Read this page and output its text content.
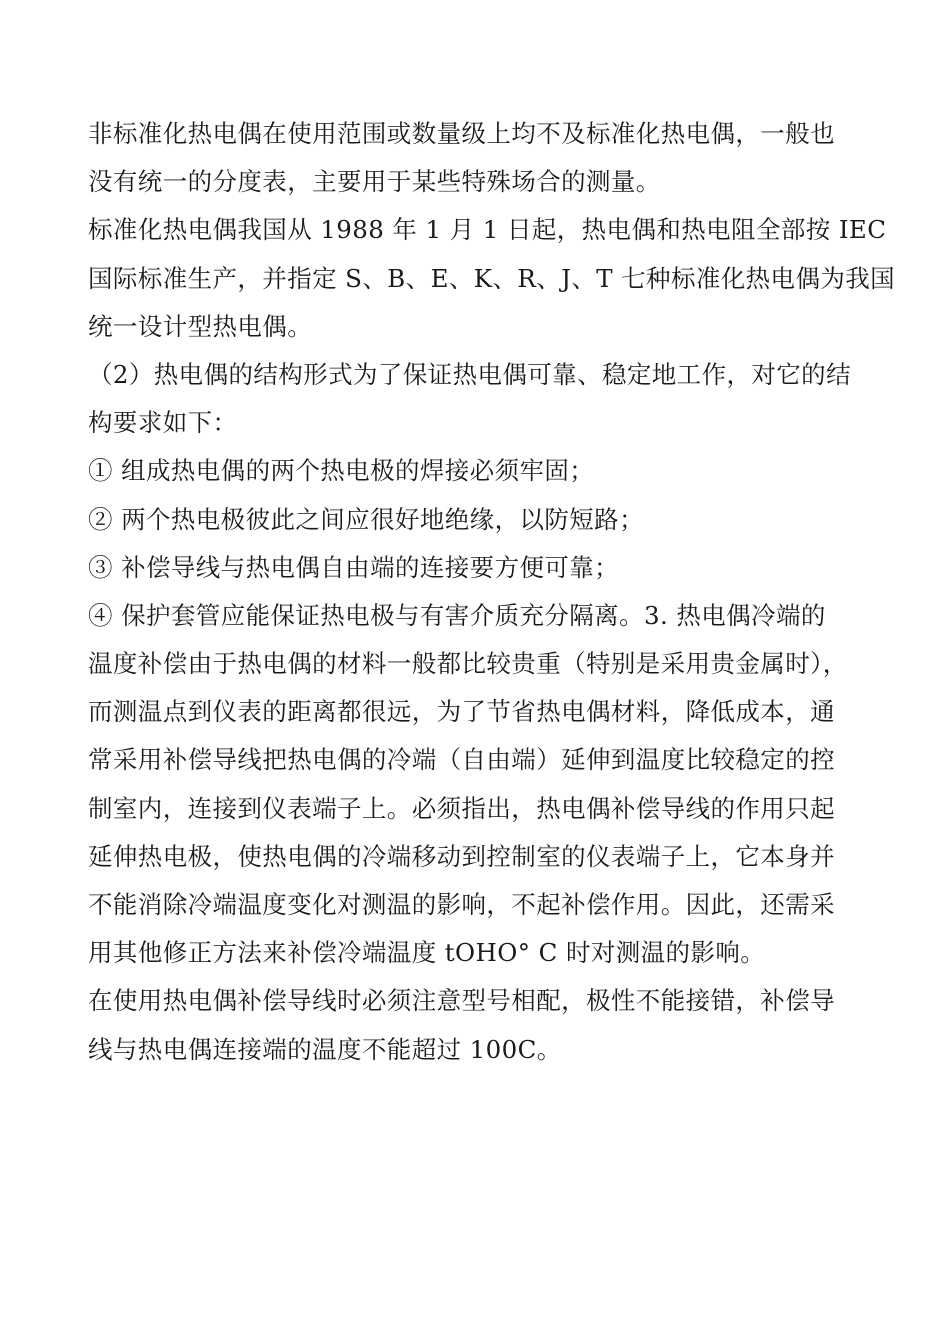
非标准化热电偶在使用范围或数量级上均不及标准化热电偶，一般也
没有统一的分度表，主要用于某些特殊场合的测量。
标准化热电偶我国从 1988 年 1 月 1 日起，热电偶和热电阻全部按 IEC
国际标准生产，并指定 S、B、E、K、R、J、T 七种标准化热电偶为我国
统一设计型热电偶。
（2）热电偶的结构形式为了保证热电偶可靠、稳定地工作，对它的结
构要求如下：
① 组成热电偶的两个热电极的焊接必须牢固；
② 两个热电极彼此之间应很好地绝缘，以防短路；
③ 补偿导线与热电偶自由端的连接要方便可靠；
④ 保护套管应能保证热电极与有害介质充分隔离。3. 热电偶冷端的
温度补偿由于热电偶的材料一般都比较贵重（特别是采用贵金属时），
而测温点到仪表的距离都很远，为了节省热电偶材料，降低成本，通
常采用补偿导线把热电偶的冷端（自由端）延伸到温度比较稳定的控
制室内，连接到仪表端子上。必须指出，热电偶补偿导线的作用只起
延伸热电极，使热电偶的冷端移动到控制室的仪表端子上，它本身并
不能消除冷端温度变化对测温的影响，不起补偿作用。因此，还需采
用其他修正方法来补偿冷端温度 tOHO° C 时对测温的影响。
在使用热电偶补偿导线时必须注意型号相配，极性不能接错，补偿导
线与热电偶连接端的温度不能超过 100C。
